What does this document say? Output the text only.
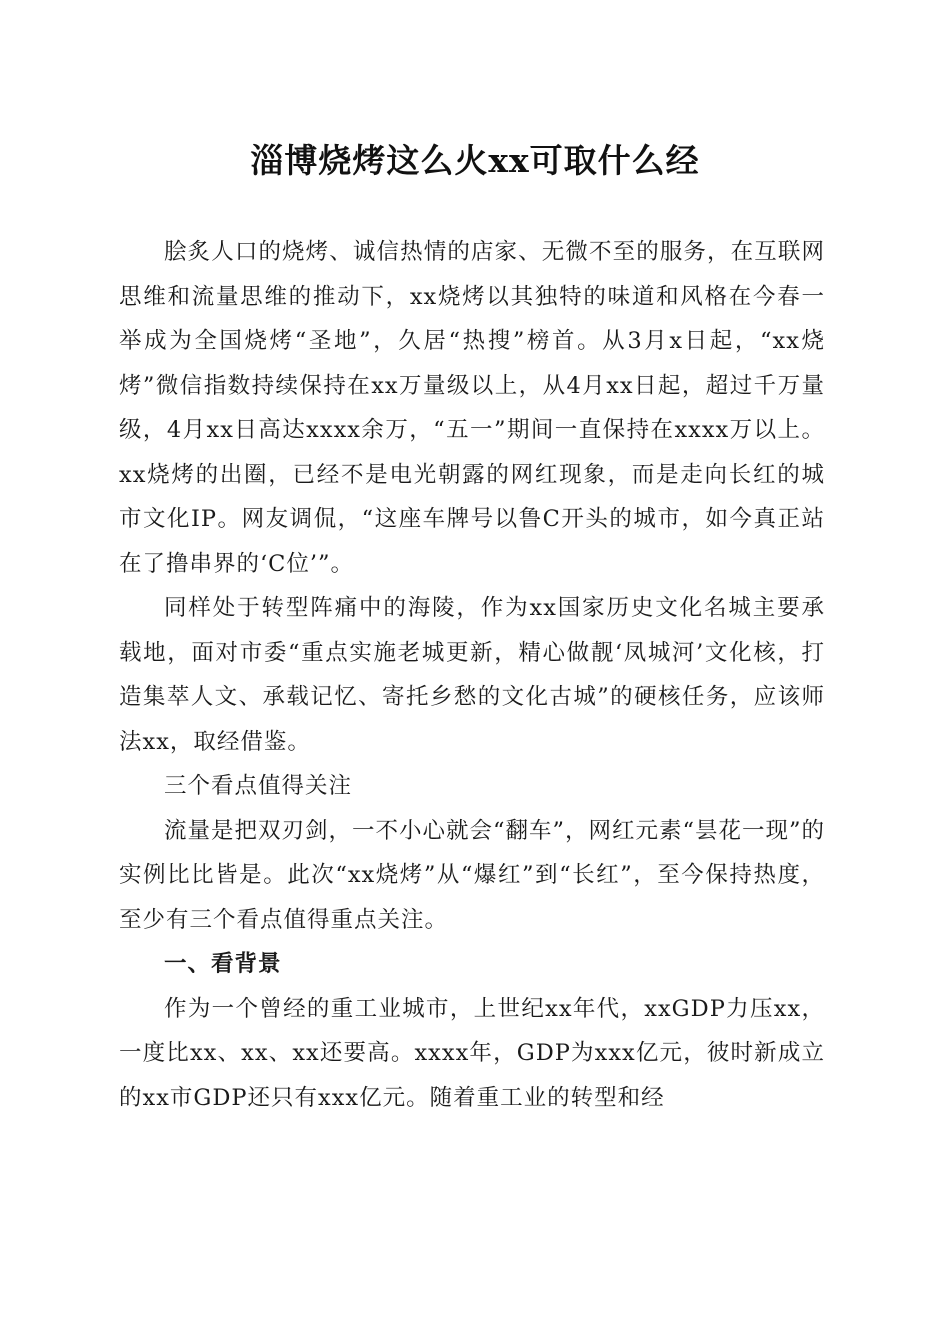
淄博烧烤这么火xx可取什么经

脍炙人口的烧烤、诚信热情的店家、无微不至的服务，在互联网思维和流量思维的推动下，xx烧烤以其独特的味道和风格在今春一举成为全国烧烤“圣地”，久居“热搜”榜首。从3月x日起，“xx烧烤”微信指数持续保持在xx万量级以上，从4月xx日起，超过千万量级，4月xx日高达xxxx余万，“五一”期间一直保持在xxxx万以上。xx烧烤的出圈，已经不是电光朝露的网红现象，而是走向长红的城市文化IP。网友调侃，“这座车牌号以鲁C开头的城市，如今真正站在了撸串界的‘C位’”。

同样处于转型阵痛中的海陵，作为xx国家历史文化名城主要承载地，面对市委“重点实施老城更新，精心做靓‘凤城河’文化核，打造集萃人文、承载记忆、寄托乡愁的文化古城”的硬核任务，应该师法xx，取经借鉴。

三个看点值得关注

流量是把双刃剑，一不小心就会“翻车”，网红元素“昙花一现”的实例比比皆是。此次“xx烧烤”从“爆红”到“长红”，至今保持热度，至少有三个看点值得重点关注。

一、看背景

作为一个曾经的重工业城市，上世纪xx年代，xxGDP力压xx，一度比xx、xx、xx还要高。xxxx年，GDP为xxx亿元，彼时新成立的xx市GDP还只有xxx亿元。随着重工业的转型和经
